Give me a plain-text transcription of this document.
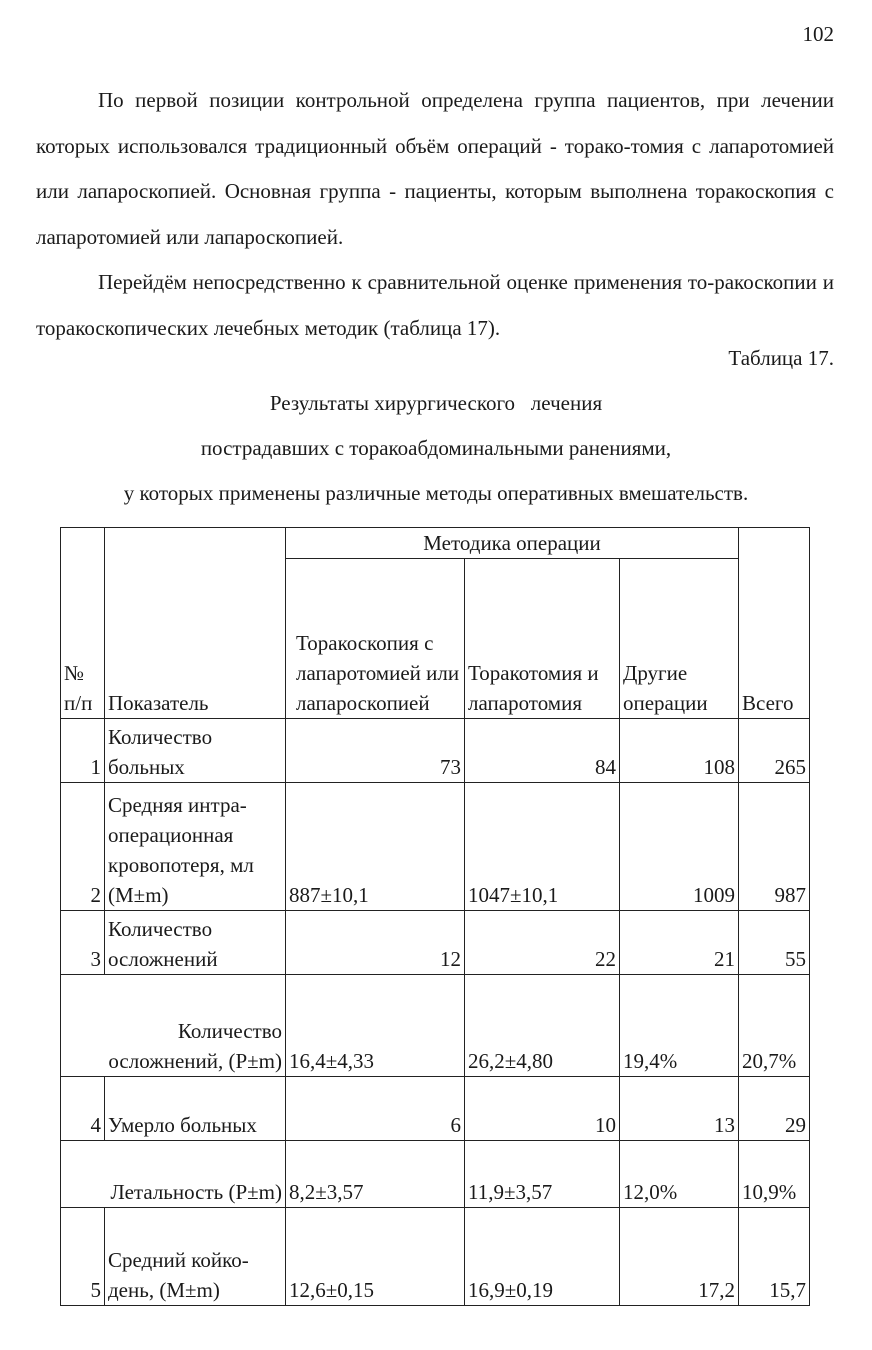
102

По первой позиции контрольной определена группа пациентов, при лечении которых использовался традиционный объём операций - торако-томия с лапаротомией или лапароскопией. Основная группа - пациенты, которым выполнена торакоскопия с лапаротомией или лапароскопией.

Перейдём непосредственно к сравнительной оценке применения то-ракоскопии и торакоскопических лечебных методик (таблица 17).

Таблица 17.
Результаты хирургического   лечения
пострадавших с торакоабдоминальными ранениями,
у которых применены различные методы оперативных вмешательств.
№ п/п	Показатель	Методика операции			Всего
		Торакоскопия с лапаротомией или лапароскопией	Торакотомия и лапаротомия	Другие операции	
1	Количество больных	73	84	108	265
2	Средняя интра-операционная кровопотеря, мл (M±m)	887±10,1	1047±10,1	1009	987
3	Количество осложнений	12	22	21	55
Количество осложнений, (P±m)		16,4±4,33	26,2±4,80	19,4%	20,7%
4	Умерло больных	6	10	13	29
Летальность (P±m)		8,2±3,57	11,9±3,57	12,0%	10,9%
5	Средний койко-день, (M±m)	12,6±0,15	16,9±0,19	17,2	15,7
